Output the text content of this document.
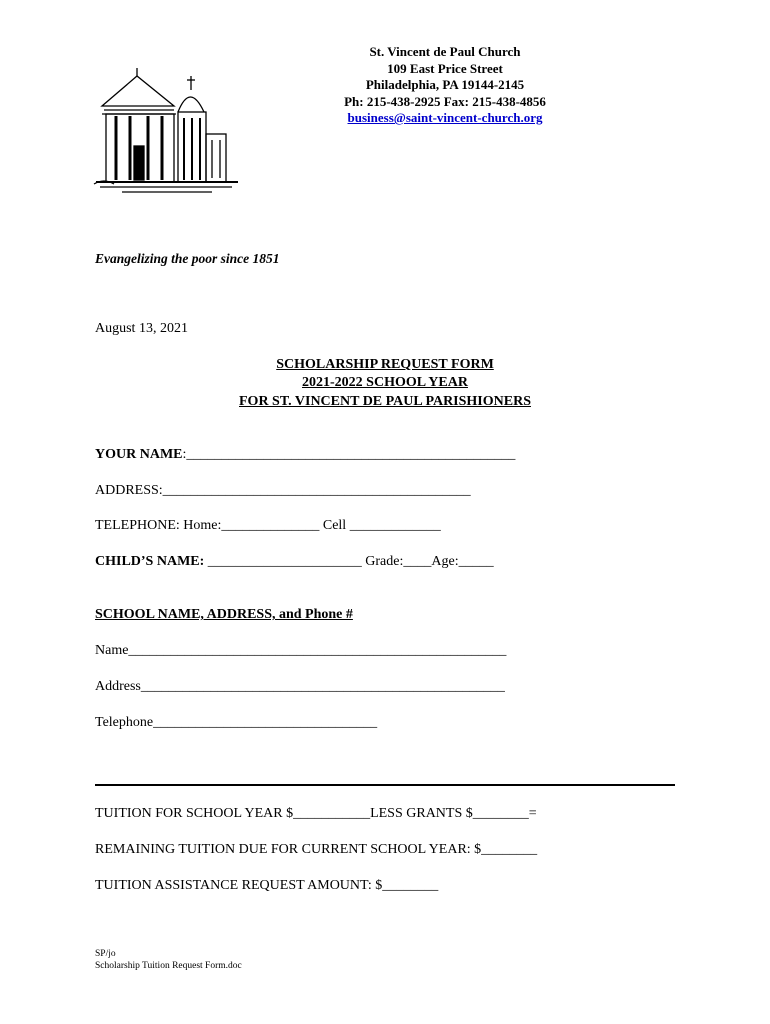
St. Vincent de Paul Church
109 East Price Street
Philadelphia, PA 19144-2145
Ph: 215-438-2925 Fax: 215-438-4856
business@saint-vincent-church.org
Evangelizing the poor since 1851
August 13, 2021
SCHOLARSHIP REQUEST FORM
2021-2022 SCHOOL YEAR
FOR ST. VINCENT DE PAUL PARISHIONERS
YOUR NAME:_______________________________________________
ADDRESS:____________________________________________
TELEPHONE: Home:______________ Cell _____________
CHILD’S NAME: ______________________ Grade:____Age:_____
SCHOOL NAME, ADDRESS, and Phone #
Name______________________________________________________
Address____________________________________________________
Telephone________________________________
TUITION FOR SCHOOL YEAR $___________LESS GRANTS $________=
REMAINING TUITION DUE FOR CURRENT SCHOOL YEAR: $________
TUITION ASSISTANCE REQUEST AMOUNT: $________
SP/jo
Scholarship Tuition Request Form.doc
